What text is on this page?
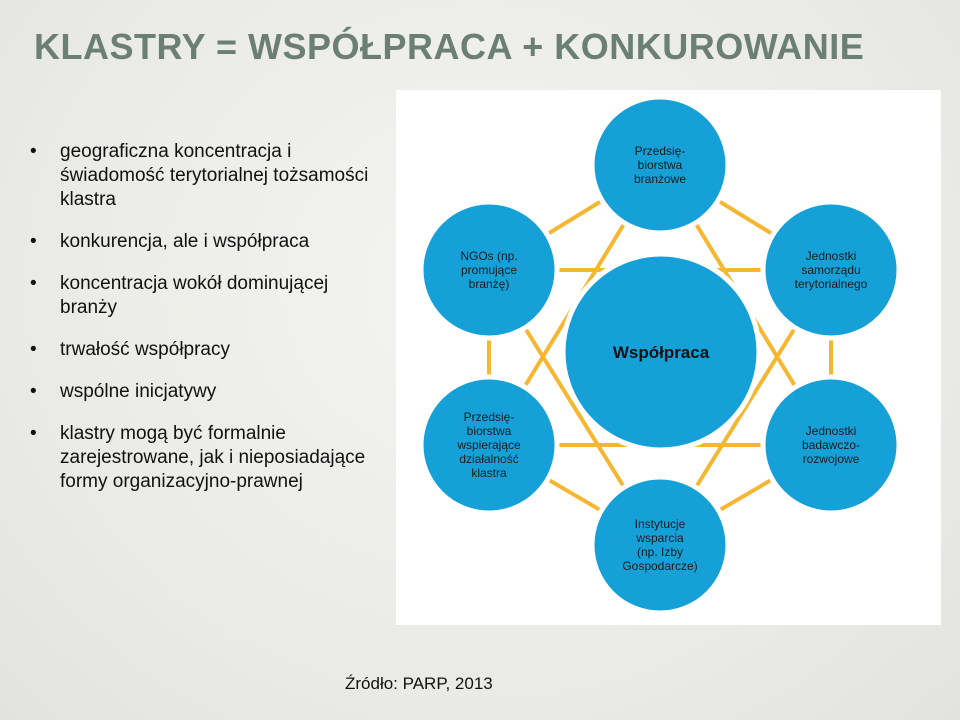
KLASTRY = WSPÓŁPRACA + KONKUROWANIE
• geograficzna koncentracja i świadomość terytorialnej tożsamości klastra
• konkurencja, ale i współpraca
• koncentracja wokół dominującej branży
• trwałość współpracy
• wspólne inicjatywy
• klastry mogą być formalnie zarejestrowane, jak i nieposiadające formy organizacyjno-prawnej
Współpraca
Przedsię-biorstwa branżowe
Jednostki samorządu terytorialnego
Jednostki badawczo-rozwojowe
Instytucje wsparcia (np. Izby Gospodarcze)
Przedsię-biorstwa wspierające działalność klastra
NGOs (np. promujące branżę)
Źródło: PARP, 2013
